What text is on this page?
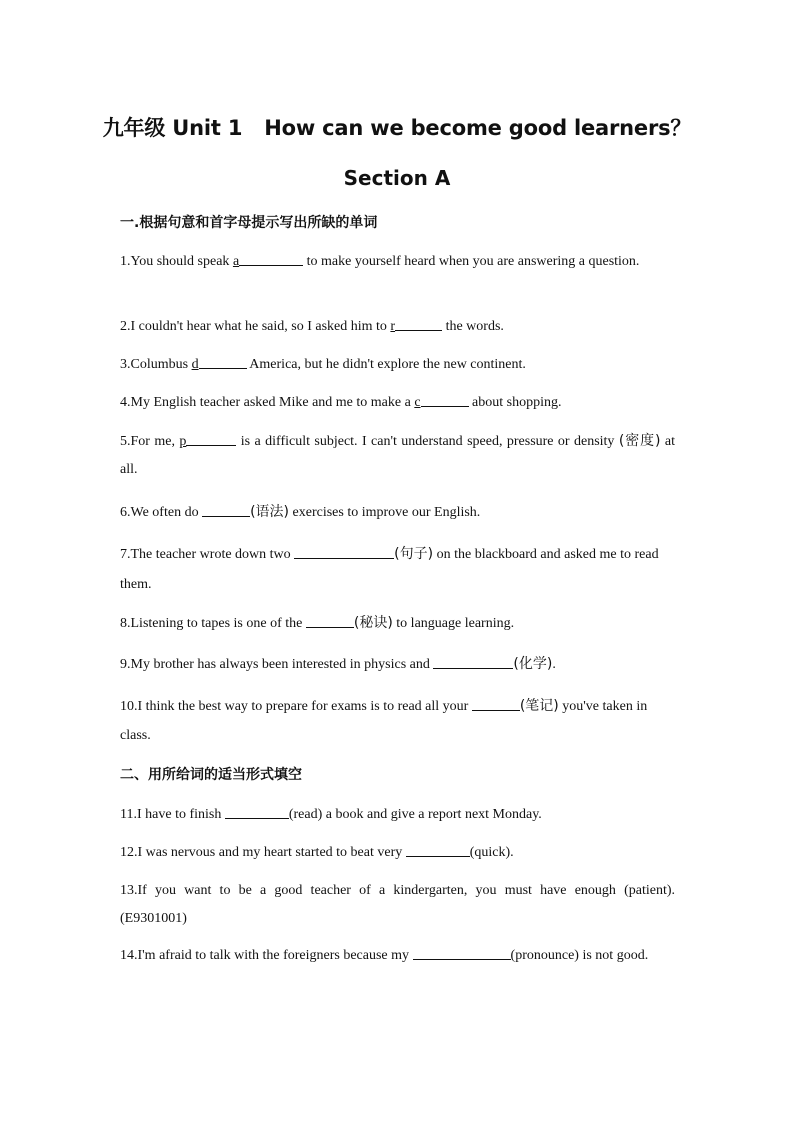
九年级 Unit 1 How can we become good learners？
Section A
一.根据句意和首字母提示写出所缺的单词
1.You should speak a	to make yourself heard when you are answering a question.
2.I couldn't hear what he said, so I asked him to r	the words.
3.Columbus d	America, but he didn't explore the new continent.
4.My English teacher asked Mike and me to make a c	about shopping.
5.For me, p	is a difficult subject. I can't understand speed, pressure or density (密度) at all.
6.We often do	(语法) exercises to improve our English.
7.The teacher wrote down two	(句子) on the blackboard and asked me to read them.
8.Listening to tapes is one of the	(秘诀) to language learning.
9.My brother has always been interested in physics and	(化学).
10.I think the best way to prepare for exams is to read all your	(笔记) you've taken in class.
二、用所给词的适当形式填空
11.I have to finish	(read) a book and give a report next Monday.
12.I was nervous and my heart started to beat very	(quick).
13.If you want to be a good teacher of a kindergarten, you must have enough (patient). (E9301001)
14.I'm afraid to talk with the foreigners because my	(pronounce) is not good.
